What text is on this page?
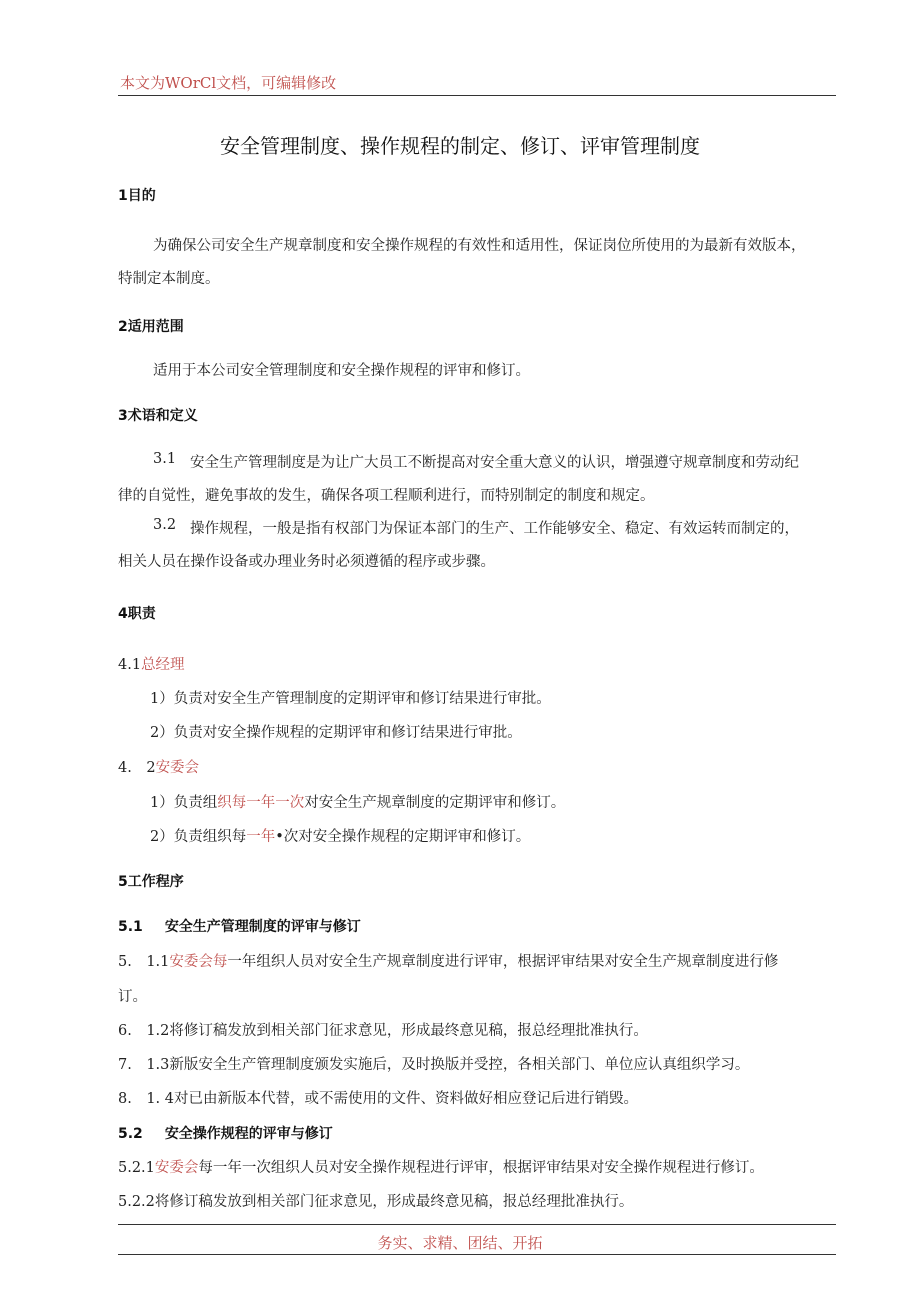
本文为WOrCl文档，可编辑修改
安全管理制度、操作规程的制定、修订、评审管理制度
1目的
为确保公司安全生产规章制度和安全操作规程的有效性和适用性，保证岗位所使用的为最新有效版本，
特制定本制度。
2适用范围
适用于本公司安全管理制度和安全操作规程的评审和修订。
3术语和定义
3.1 安全生产管理制度是为让广大员工不断提高对安全重大意义的认识，增强遵守规章制度和劳动纪
律的自觉性，避免事故的发生，确保各项工程顺利进行，而特别制定的制度和规定。
3.2 操作规程，一般是指有权部门为保证本部门的生产、工作能够安全、稳定、有效运转而制定的，
相关人员在操作设备或办理业务时必须遵循的程序或步骤。
4职责
4.1总经理
1）负责对安全生产管理制度的定期评审和修订结果进行审批。
2）负责对安全操作规程的定期评审和修订结果进行审批。
4.　2安委会
1）负责组织每一年一次对安全生产规章制度的定期评审和修订。
2）负责组织每一年•次对安全操作规程的定期评审和修订。
5工作程序
5.1 安全生产管理制度的评审与修订
5.　1.1安委会每一年组织人员对安全生产规章制度进行评审，根据评审结果对安全生产规章制度进行修
订。
6.　1.2将修订稿发放到相关部门征求意见，形成最终意见稿，报总经理批准执行。
7.　1.3新版安全生产管理制度颁发实施后，及时换版并受控，各相关部门、单位应认真组织学习。
8.　1. 4对已由新版本代替，或不需使用的文件、资料做好相应登记后进行销毁。
5.2 安全操作规程的评审与修订
5.2.1安委会每一年一次组织人员对安全操作规程进行评审，根据评审结果对安全操作规程进行修订。
5.2.2将修订稿发放到相关部门征求意见，形成最终意见稿，报总经理批准执行。
务实、求精、团结、开拓
